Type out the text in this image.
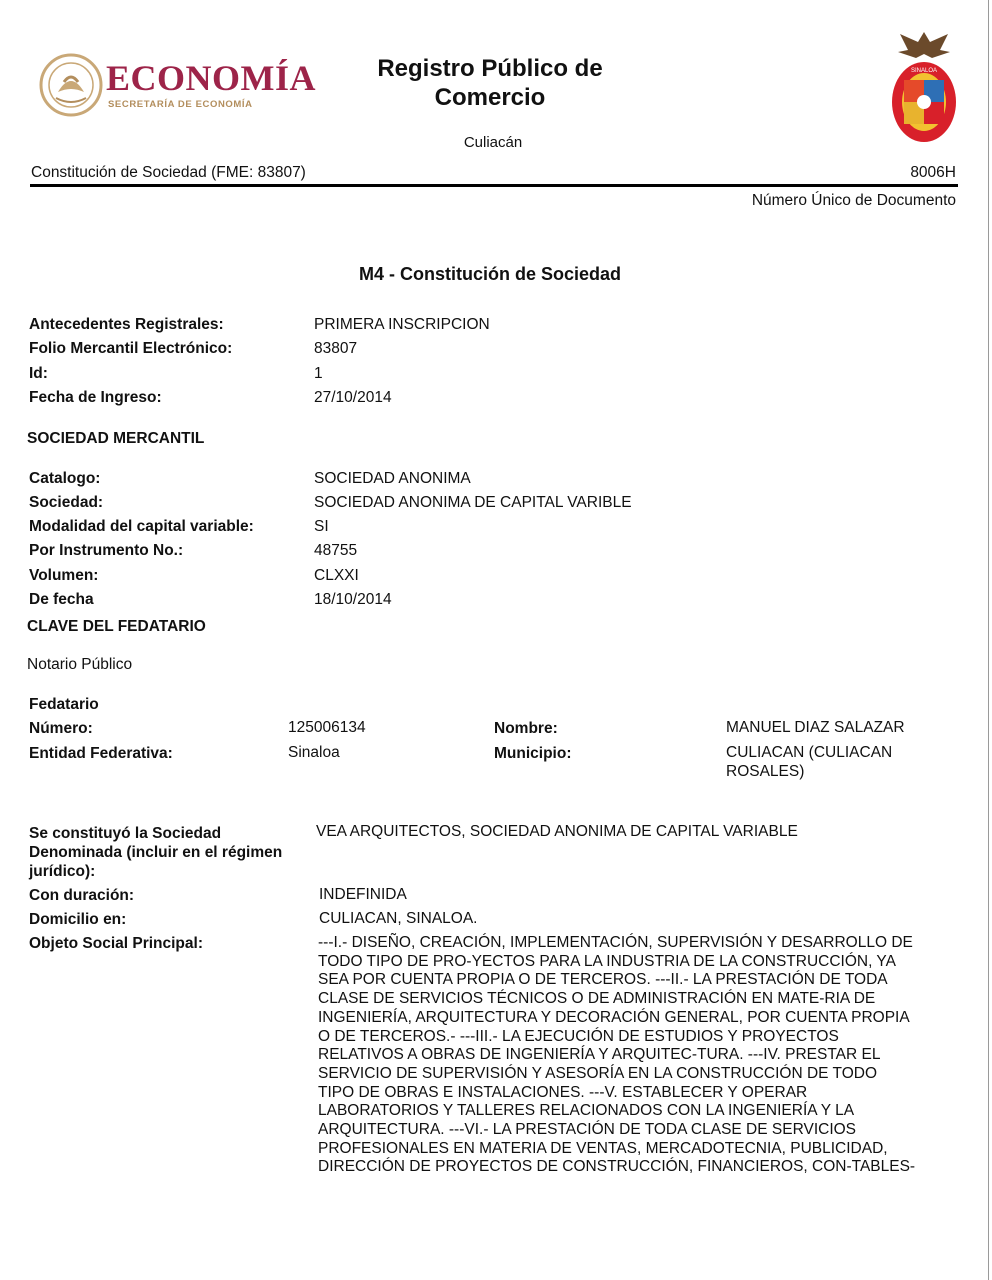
ECONOMÍA
SECRETARÍA DE ECONOMÍA
Registro Público de
Comercio
Culiacán
SINALOA
Constitución de Sociedad (FME: 83807)	8006H
Número Único de Documento
M4 - Constitución de Sociedad
Antecedentes Registrales:	PRIMERA INSCRIPCION
Folio Mercantil Electrónico:	83807
Id:	1
Fecha de Ingreso:	27/10/2014
SOCIEDAD MERCANTIL
Catalogo:	SOCIEDAD ANONIMA
Sociedad:	SOCIEDAD ANONIMA DE CAPITAL VARIBLE
Modalidad del capital variable:	SI
Por Instrumento No.:	48755
Volumen:	CLXXI
De fecha	18/10/2014
CLAVE DEL FEDATARIO
Notario Público
Fedatario
Número:	125006134	Nombre:	MANUEL DIAZ SALAZAR
Entidad Federativa:	Sinaloa	Municipio:	CULIACAN (CULIACAN
ROSALES)
Se constituyó la Sociedad
Denominada (incluir en el régimen
jurídico):
VEA ARQUITECTOS, SOCIEDAD ANONIMA DE CAPITAL VARIABLE
Con duración:	INDEFINIDA
Domicilio en:	CULIACAN, SINALOA.
Objeto Social Principal:	---I.- DISEÑO, CREACIÓN, IMPLEMENTACIÓN, SUPERVISIÓN Y DESARROLLO DE
TODO TIPO DE PRO-YECTOS PARA LA INDUSTRIA DE LA CONSTRUCCIÓN, YA
SEA POR CUENTA PROPIA O DE TERCEROS. ---II.- LA PRESTACIÓN DE TODA
CLASE DE SERVICIOS TÉCNICOS O DE ADMINISTRACIÓN EN MATE-RIA DE
INGENIERÍA, ARQUITECTURA Y DECORACIÓN GENERAL, POR CUENTA PROPIA
O DE TERCEROS.- ---III.- LA EJECUCIÓN DE ESTUDIOS Y PROYECTOS
RELATIVOS A OBRAS DE INGENIERÍA Y ARQUITEC-TURA. ---IV. PRESTAR EL
SERVICIO DE SUPERVISIÓN Y ASESORÍA EN LA CONSTRUCCIÓN DE TODO
TIPO DE OBRAS E INSTALACIONES. ---V. ESTABLECER Y OPERAR
LABORATORIOS Y TALLERES RELACIONADOS CON LA INGENIERÍA Y LA
ARQUITECTURA. ---VI.- LA PRESTACIÓN DE TODA CLASE DE SERVICIOS
PROFESIONALES EN MATERIA DE VENTAS, MERCADOTECNIA, PUBLICIDAD,
DIRECCIÓN DE PROYECTOS DE CONSTRUCCIÓN, FINANCIEROS, CON-TABLES-
